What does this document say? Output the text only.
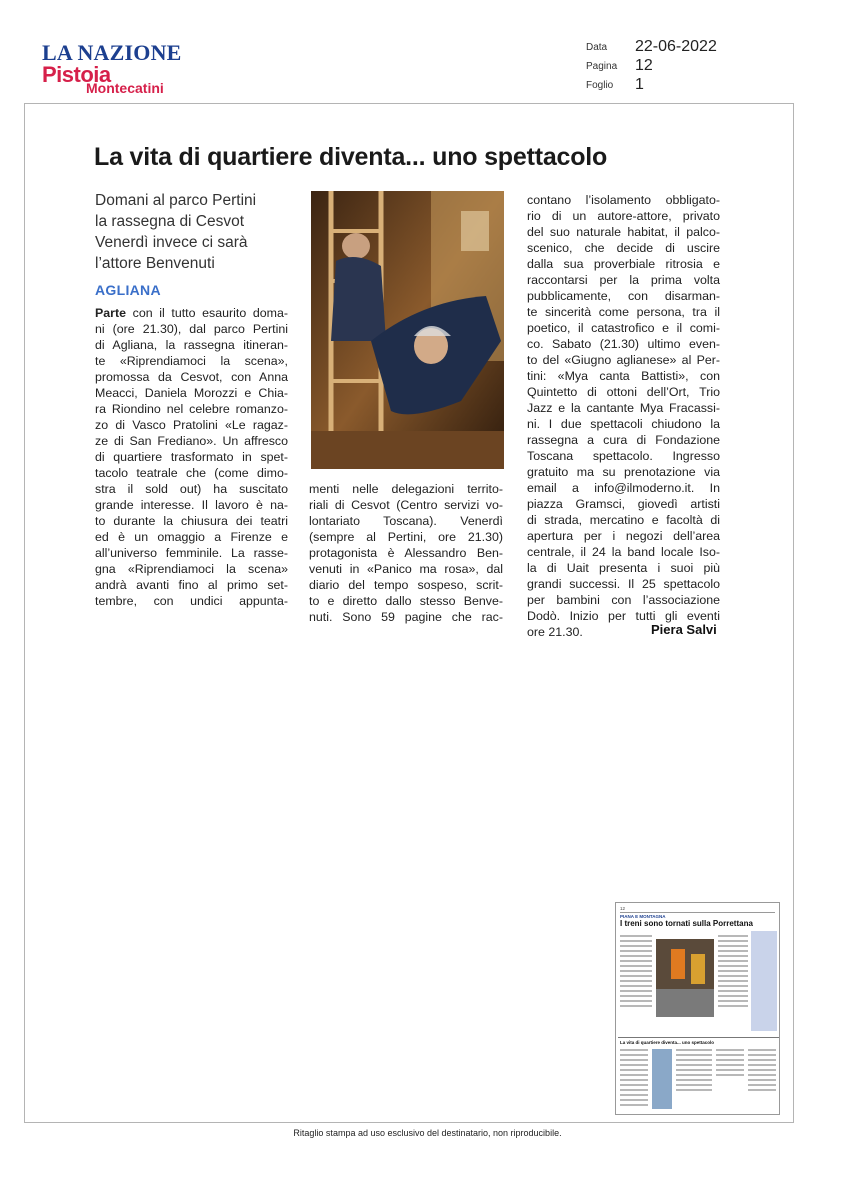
LA NAZIONE
Pistoia
Montecatini
Data 22-06-2022
Pagina 12
Foglio 1
La vita di quartiere diventa... uno spettacolo
Domani al parco Pertini
la rassegna di Cesvot
Venerdì invece ci sarà
l’attore Benvenuti
AGLIANA
Parte con il tutto esaurito doma-
ni (ore 21.30), dal parco Pertini
di Agliana, la rassegna itineran-
te «Riprendiamoci la scena»,
promossa da Cesvot, con Anna
Meacci, Daniela Morozzi e Chia-
ra Riondino nel celebre romanzo-
zo di Vasco Pratolini «Le ragaz-
ze di San Frediano». Un affresco
di quartiere trasformato in spet-
tacolo teatrale che (come dimo-
stra il sold out) ha suscitato
grande interesse. Il lavoro è na-
to durante la chiusura dei teatri
ed è un omaggio a Firenze e
all’universo femminile. La rasse-
gna «Riprendiamoci la scena»
andrà avanti fino al primo set-
tembre, con undici appunta-
menti nelle delegazioni territo-
riali di Cesvot (Centro servizi vo-
lontariato Toscana). Venerdì
(sempre al Pertini, ore 21.30)
protagonista è Alessandro Ben-
venuti in «Panico ma rosa», dal
diario del tempo sospeso, scrit-
to e diretto dallo stesso Benve-
nuti. Sono 59 pagine che rac-
contano l’isolamento obbligato-
rio di un autore-attore, privato
del suo naturale habitat, il palco-
scenico, che decide di uscire
dalla sua proverbiale ritrosia e
raccontarsi per la prima volta
pubblicamente, con disarman-
te sincerità come persona, tra il
poetico, il catastrofico e il comi-
co. Sabato (21.30) ultimo even-
to del «Giugno aglianese» al Per-
tini: «Mya canta Battisti», con
Quintetto di ottoni dell’Ort, Trio
Jazz e la cantante Mya Fracassi-
ni. I due spettacoli chiudono la
rassegna a cura di Fondazione
Toscana spettacolo. Ingresso
gratuito ma su prenotazione via
email a info@ilmoderno.it. In
piazza Gramsci, giovedì artisti
di strada, mercatino e facoltà di
apertura per i negozi dell’area
centrale, il 24 la band locale Iso-
la di Uait presenta i suoi più
grandi successi. Il 25 spettacolo
per bambini con l’associazione
Dodò. Inizio per tutti gli eventi
ore 21.30.	Piera Salvi
12
PIANA E MONTAGNA
I treni sono tornati sulla Porrettana
La vita di quartiere diventa... uno spettacolo
Ritaglio stampa ad uso esclusivo del destinatario, non riproducibile.
